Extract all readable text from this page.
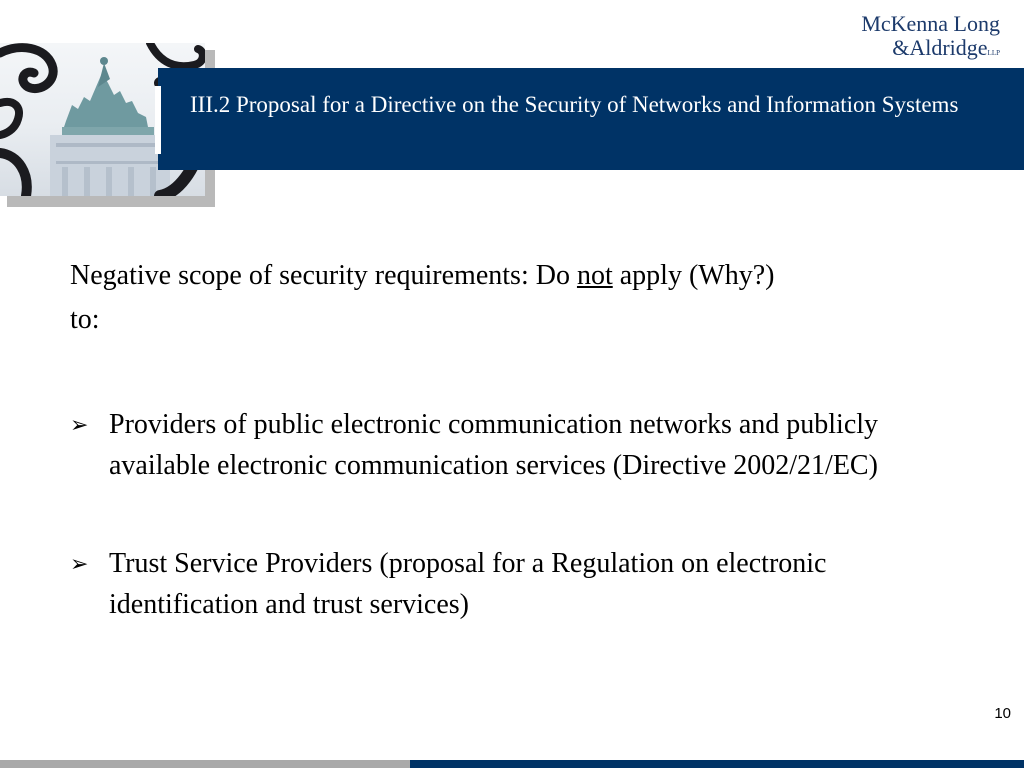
III.2 Proposal for a Directive on the Security of Networks and Information Systems
McKenna Long
&AldridgeLLP

Negative scope of security requirements: Do not apply (Why?)
to:

➢ Providers of public electronic communication networks and publicly available electronic communication services (Directive 2002/21/EC)
➢ Trust Service Providers (proposal for a Regulation on electronic identification and trust services)
10
